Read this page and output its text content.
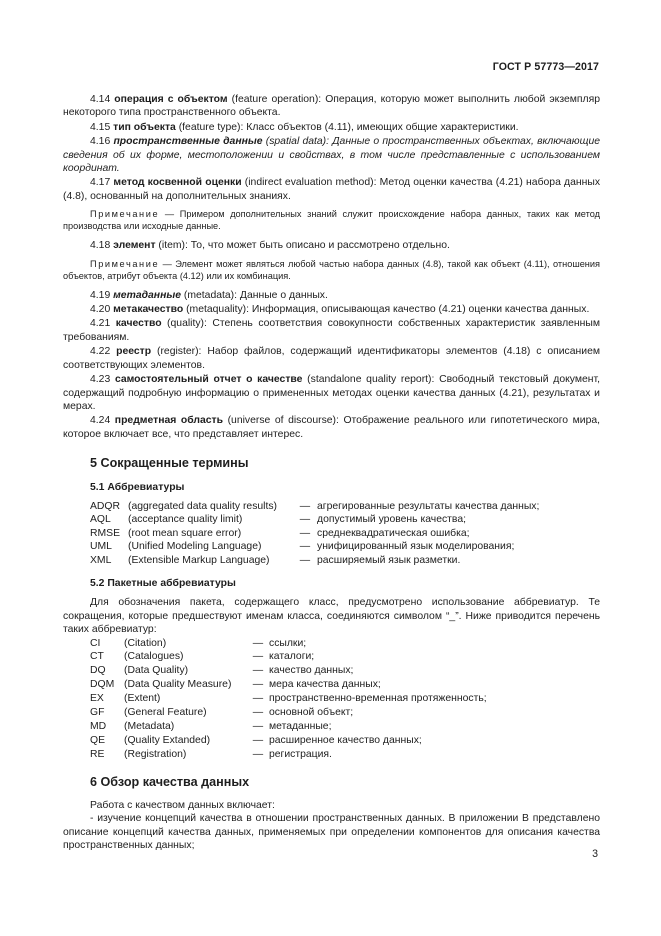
ГОСТ Р 57773—2017

4.14 операция с объектом (feature operation): Операция, которую может выполнить любой экземпляр некоторого типа пространственного объекта.

4.15 тип объекта (feature type): Класс объектов (4.11), имеющих общие характеристики.

4.16 пространственные данные (spatial data): Данные о пространственных объектах, включающие сведения об их форме, местоположении и свойствах, в том числе представленные с использованием координат.

4.17 метод косвенной оценки (indirect evaluation method): Метод оценки качества (4.21) набора данных (4.8), основанный на дополнительных знаниях.

Примечание — Примером дополнительных знаний служит происхождение набора данных, таких как метод производства или исходные данные.

4.18 элемент (item): То, что может быть описано и рассмотрено отдельно.

Примечание — Элемент может являться любой частью набора данных (4.8), такой как объект (4.11), отношения объектов, атрибут объекта (4.12) или их комбинация.

4.19 метаданные (metadata): Данные о данных.

4.20 метакачество (metaquality): Информация, описывающая качество (4.21) оценки качества данных.

4.21 качество (quality): Степень соответствия совокупности собственных характеристик заявленным требованиям.

4.22 реестр (register): Набор файлов, содержащий идентификаторы элементов (4.18) с описанием соответствующих элементов.

4.23 самостоятельный отчет о качестве (standalone quality report): Свободный текстовый документ, содержащий подробную информацию о примененных методах оценки качества данных (4.21), результатах и мерах.

4.24 предметная область (universe of discourse): Отображение реального или гипотетического мира, которое включает все, что представляет интерес.

5 Сокращенные термины
5.1 Аббревиатуры
ADQR (aggregated data quality results)	— агрегированные результаты качества данных;
AQL	(acceptance quality limit)	— допустимый уровень качества;
RMSE (root mean square error)	— среднеквадратическая ошибка;
UML	(Unified Modeling Language)	— унифицированный язык моделирования;
XML	(Extensible Markup Language)	— расширяемый язык разметки.
5.2 Пакетные аббревиатуры

Для обозначения пакета, содержащего класс, предусмотрено использование аббревиатур. Те сокращения, которые предшествуют именам класса, соединяются символом “_”. Ниже приводится перечень таких аббревиатур:

CI	(Citation)	— ссылки;
CT	(Catalogues)	— каталоги;
DQ	(Data Quality)	— качество данных;
DQM (Data Quality Measure)	— мера качества данных;
EX	(Extent)	— пространственно-временная протяженность;
GF	(General Feature)	— основной объект;
MD	(Metadata)	— метаданные;
QE	(Quality Extanded)	— расширенное качество данных;
RE	(Registration)	— регистрация.
6 Обзор качества данных

Работа с качеством данных включает:

- изучение концепций качества в отношении пространственных данных. В приложении В представлено описание концепций качества данных, применяемых при определении компонентов для описания качества пространственных данных;

3
